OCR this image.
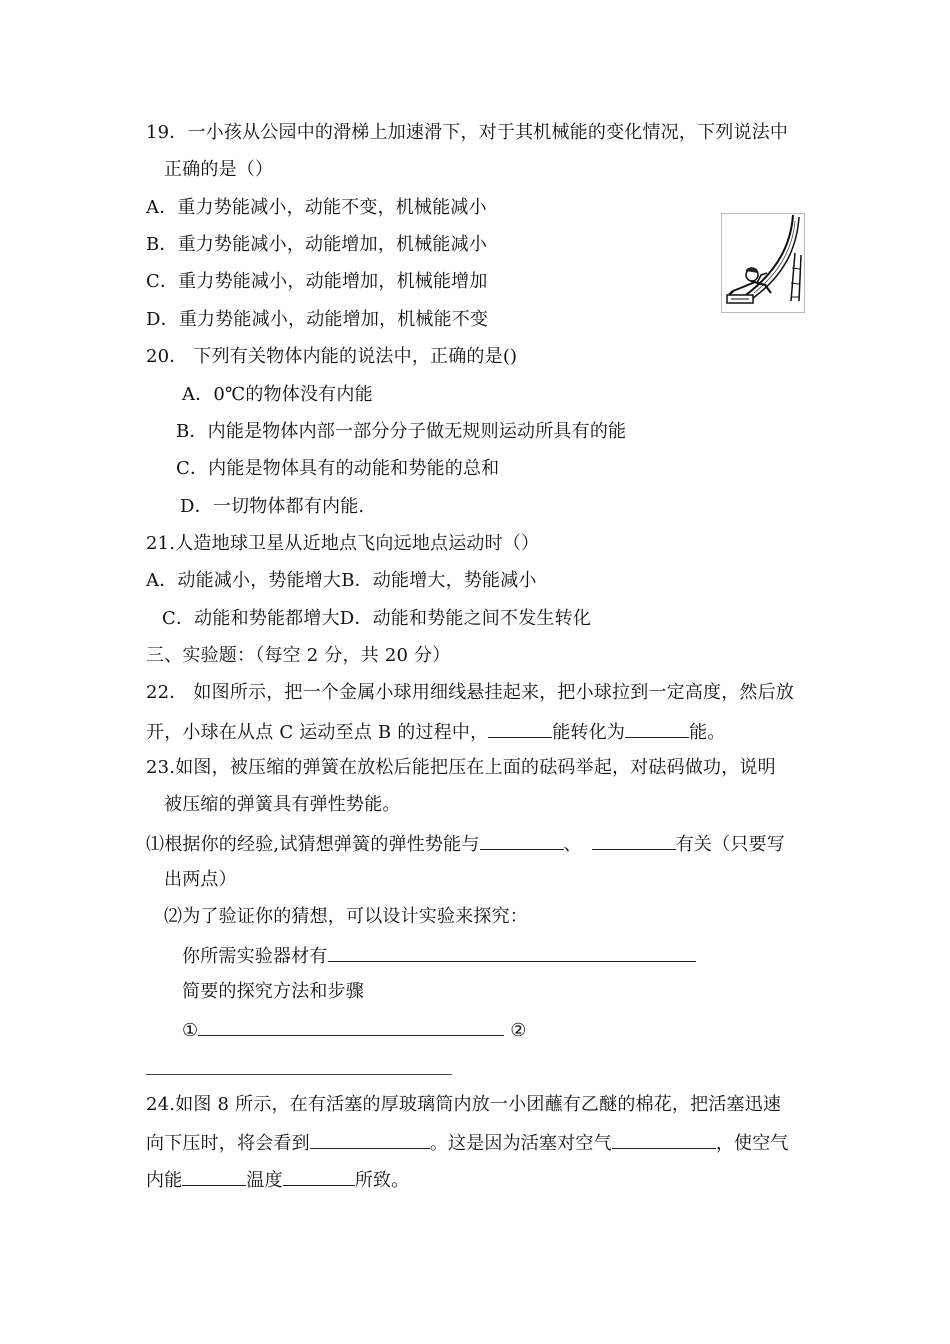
19．一小孩从公园中的滑梯上加速滑下，对于其机械能的变化情况，下列说法中
正确的是（）
A．重力势能减小，动能不变，机械能减小
B．重力势能减小，动能增加，机械能减小
C．重力势能减小，动能增加，机械能增加
D．重力势能减小，动能增加，机械能不变
20． 下列有关物体内能的说法中，正确的是()
A．0℃的物体没有内能
B．内能是物体内部一部分分子做无规则运动所具有的能
C．内能是物体具有的动能和势能的总和
D．一切物体都有内能.
21.人造地球卫星从近地点飞向远地点运动时（）
A．动能减小，势能增大B．动能增大，势能减小
C．动能和势能都增大D．动能和势能之间不发生转化
三、实验题：（每空 2 分，共 20 分）
22． 如图所示，把一个金属小球用细线悬挂起来，把小球拉到一定高度，然后放
开，小球在从点 C 运动至点 B 的过程中，	能转化为	能。
23.如图，被压缩的弹簧在放松后能把压在上面的砝码举起，对砝码做功，说明
被压缩的弹簧具有弹性势能。
⑴根据你的经验,试猜想弹簧的弹性势能与	、	有关（只要写
出两点）
⑵为了验证你的猜想，可以设计实验来探究：
你所需实验器材有
简要的探究方法和步骤
①	②
24.如图 8 所示，在有活塞的厚玻璃筒内放一小团蘸有乙醚的棉花，把活塞迅速
向下压时，将会看到	。这是因为活塞对空气	，使空气
内能	温度	所致。
